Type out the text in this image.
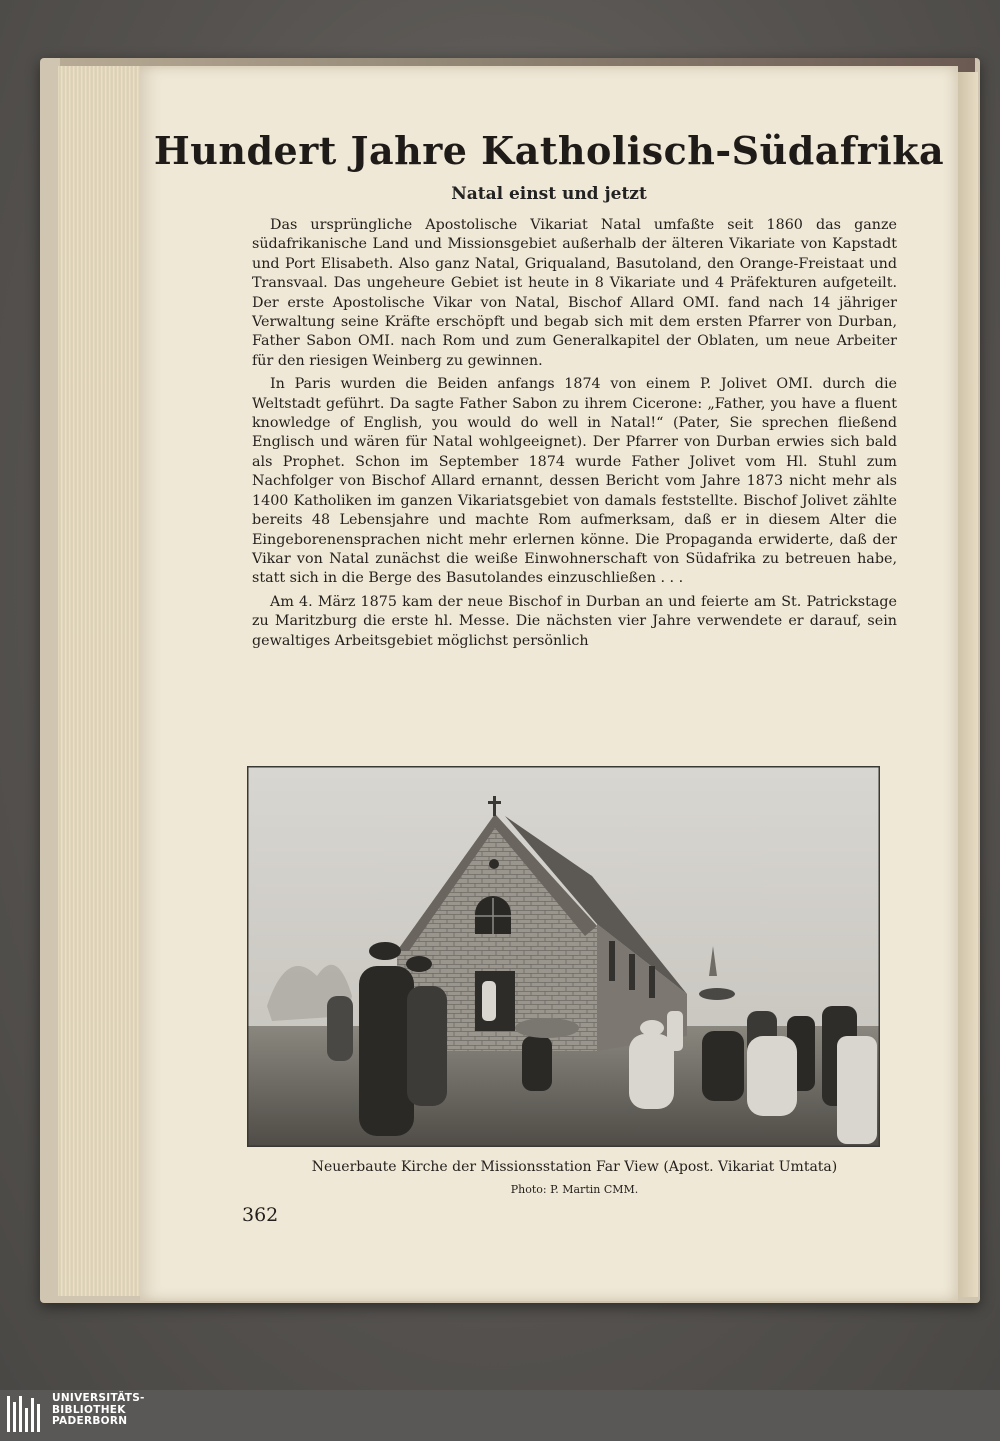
Hundert Jahre Katholisch-Südafrika

Natal einst und jetzt

Das ursprüngliche Apostolische Vikariat Natal umfaßte seit 1860 das ganze südafrikanische Land und Missionsgebiet außerhalb der älteren Vikariate von Kapstadt und Port Elisabeth. Also ganz Natal, Griqualand, Basutoland, den Orange-Freistaat und Transvaal. Das ungeheure Gebiet ist heute in 8 Vikariate und 4 Präfekturen aufgeteilt. Der erste Apostolische Vikar von Natal, Bischof Allard OMI. fand nach 14 jähriger Verwaltung seine Kräfte erschöpft und begab sich mit dem ersten Pfarrer von Durban, Father Sabon OMI. nach Rom und zum Generalkapitel der Oblaten, um neue Arbeiter für den riesigen Weinberg zu gewinnen.

In Paris wurden die Beiden anfangs 1874 von einem P. Jolivet OMI. durch die Weltstadt geführt. Da sagte Father Sabon zu ihrem Cicerone: „Father, you have a fluent knowledge of English, you would do well in Natal!“ (Pater, Sie sprechen fließend Englisch und wären für Natal wohlgeeignet). Der Pfarrer von Durban erwies sich bald als Prophet. Schon im September 1874 wurde Father Jolivet vom Hl. Stuhl zum Nachfolger von Bischof Allard ernannt, dessen Bericht vom Jahre 1873 nicht mehr als 1400 Katholiken im ganzen Vikariatsgebiet von damals feststellte. Bischof Jolivet zählte bereits 48 Lebensjahre und machte Rom aufmerksam, daß er in diesem Alter die Eingeborenensprachen nicht mehr erlernen könne. Die Propaganda erwiderte, daß der Vikar von Natal zunächst die weiße Einwohnerschaft von Südafrika zu betreuen habe, statt sich in die Berge des Basutolandes einzuschließen . . .

Am 4. März 1875 kam der neue Bischof in Durban an und feierte am St. Patrickstage zu Maritzburg die erste hl. Messe. Die nächsten vier Jahre verwendete er darauf, sein gewaltiges Arbeitsgebiet möglichst persönlich

Neuerbaute Kirche der Missionsstation Far View (Apost. Vikariat Umtata)

Photo: P. Martin CMM.

362

UNIVERSITÄTS-
BIBLIOTHEK
PADERBORN
